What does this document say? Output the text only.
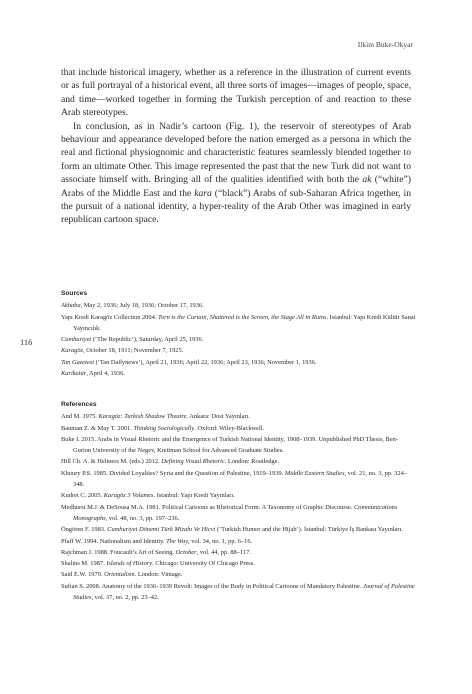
Ilkim Buke-Okyar
116

that include historical imagery, whether as a reference in the illustration of current events or as full portrayal of a historical event, all three sorts of images—images of people, space, and time—worked together in forming the Turkish perception of and reaction to these Arab stereotypes.

In conclusion, as in Nadir’s cartoon (Fig. 1), the reservoir of stereotypes of Arab behaviour and appearance developed before the nation emerged as a persona in which the real and fictional physiognomic and characteristic features seamlessly blended together to form an ultimate Other. This image represented the past that the new Turk did not want to associate himself with. Bringing all of the qualities identified with both the ak (“white”) Arabs of the Middle East and the kara (“black”) Arabs of sub-Saharan Africa together, in the pursuit of a national identity, a hyper-reality of the Arab Other was imagined in early republican cartoon space.

Sources
Akbaba, May 2, 1936; July 18, 1936; October 17, 1936.
Yapı Kredi Karagöz Collection 2004. Torn is the Curtain, Shattered is the Screen, the Stage All in Ruins. Istanbul: Yapı Kredi Kültür Sanat Yayıncılık.
Cumhuriyet (‘The Republic’), Saturday, April 25, 1936.
Karagöz, October 18, 1911; November 7, 1925.
Tan Gazetesi (‘Tan Dailynews’), April 21, 1936; April 22, 1936; April 23, 1936; November 1, 1936.
Karikatür, April 4, 1936.
References
And M. 1975. Karagöz: Turkish Shadow Theatre. Ankara: Dost Yayınları.
Bauman Z. & May T. 2001. Thinking Sociologically. Oxford: Wiley-Blackwell.
Buke I. 2015. Arabs in Visual Rhetoric and the Emergence of Turkish National Identity, 1908–1939. Unpublished PhD Thesis, Ben-Gurion University of the Negev, Kreitman School for Advanced Graduate Studies.
Hill Ch. A. & Helmers M. (eds.) 2012. Defining Visual Rhetoric. London: Routledge.
Khoury P.S. 1985. Divided Loyalties? Syria and the Question of Palestine, 1919–1939. Middle Eastern Studies, vol. 21, no. 3, pp. 324–348.
Kudret C. 2005. Karagöz 3 Volumes. Istanbul: Yapı Kredi Yayınları.
Medhurst M.J. & DeSousa M.A. 1981. Political Cartoons as Rhetorical Form: A Taxonomy of Graphic Discourse. Communications Monographs, vol. 48, no. 3, pp. 197–236.
Öngören F. 1983. Cumhuriyet Dönemi Türk Mizahı Ve Hicvi (‘Turkish Humor and the Hijab’). İstanbul: Türkiye İş Bankası Yayınları.
Pfaff W. 1994. Nationalism and Identity. The Way, vol. 34, no. 1, pp. 6–16.
Rajchman J. 1988. Foucault’s Art of Seeing. October, vol. 44, pp. 88–117.
Shalins M. 1987. Islands of History. Chicago: University Of Chicago Press.
Said E.W. 1979. Orientalism. London: Vintage.
Sufian S. 2008. Anatomy of the 1936–1939 Revolt: Images of the Body in Political Cartoons of Mandatory Palestine. Journal of Palestine Studies, vol. 37, no. 2, pp. 23–42.
